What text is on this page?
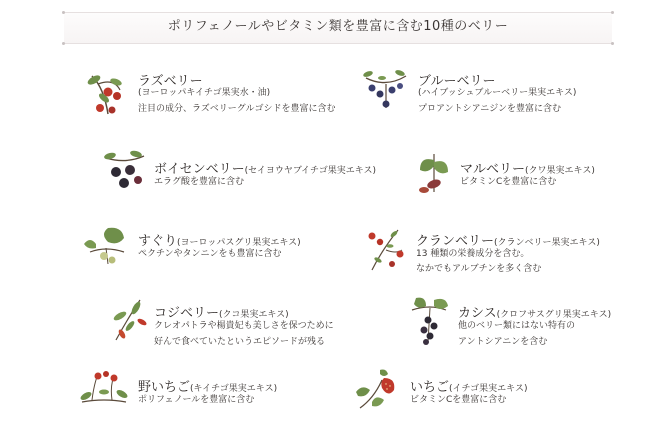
ポリフェノールやビタミン類を豊富に含む10種のベリー
ラズベリー
(ヨーロッパキイチゴ果実水・油)
注目の成分、ラズベリーグルゴシドを豊富に含む
ブルーベリー
(ハイブッシュブルーベリー果実エキス)
プロアントシアニジンを豊富に含む
ボイセンベリー(セイヨウヤブイチゴ果実エキス)
エラグ酸を豊富に含む
マルベリー(クワ果実エキス)
ビタミンCを豊富に含む
すぐり(ヨーロッパスグリ果実エキス)
ペクチンやタンニンをも豊富に含む
クランベリー(クランベリー果実エキス)
13 種類の栄養成分を含む。
なかでもアルブチンを多く含む
コジベリー(クコ果実エキス)
クレオパトラや楊貴妃も美しさを保つために
好んで食べていたというエピソードが残る
カシス(クロフサスグリ果実エキス)
他のベリー類にはない特有の
アントシアニンを含む
野いちご(キイチゴ果実エキス)
ポリフェノールを豊富に含む
いちご(イチゴ果実エキス)
ビタミンCを豊富に含む
